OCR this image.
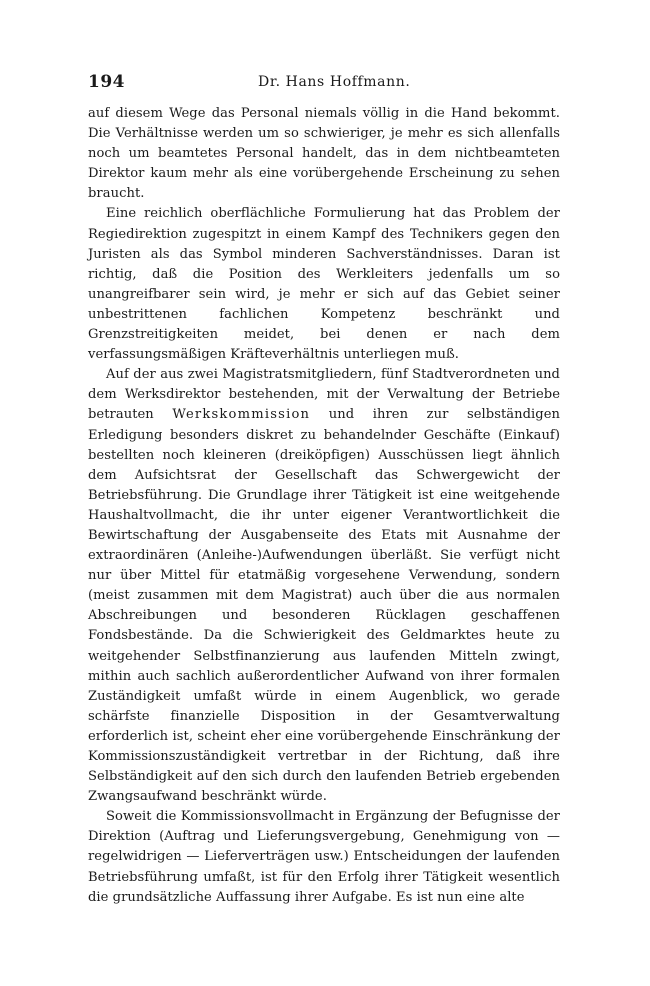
194	Dr. Hans Hoffmann.

auf diesem Wege das Personal niemals völlig in die Hand bekommt. Die Verhältnisse werden um so schwieriger, je mehr es sich allenfalls noch um beamtetes Personal handelt, das in dem nichtbeamteten Direktor kaum mehr als eine vorübergehende Erscheinung zu sehen braucht.

Eine reichlich oberflächliche Formulierung hat das Problem der Regiedirektion zugespitzt in einem Kampf des Technikers gegen den Juristen als das Symbol minderen Sachverständnisses. Daran ist richtig, daß die Position des Werkleiters jedenfalls um so unangreifbarer sein wird, je mehr er sich auf das Gebiet seiner unbestrittenen fachlichen Kompetenz beschränkt und Grenzstreitigkeiten meidet, bei denen er nach dem verfassungsmäßigen Kräfteverhältnis unterliegen muß.

Auf der aus zwei Magistratsmitgliedern, fünf Stadtverordneten und dem Werksdirektor bestehenden, mit der Verwaltung der Betriebe betrauten Werkskommission und ihren zur selbständigen Erledigung besonders diskret zu behandelnder Geschäfte (Einkauf) bestellten noch kleineren (dreiköpfigen) Ausschüssen liegt ähnlich dem Aufsichtsrat der Gesellschaft das Schwergewicht der Betriebsführung. Die Grundlage ihrer Tätigkeit ist eine weitgehende Haushaltvollmacht, die ihr unter eigener Verantwortlichkeit die Bewirtschaftung der Ausgabenseite des Etats mit Ausnahme der extraordinären (Anleihe-)Aufwendungen überläßt. Sie verfügt nicht nur über Mittel für etatmäßig vorgesehene Verwendung, sondern (meist zusammen mit dem Magistrat) auch über die aus normalen Abschreibungen und besonderen Rücklagen geschaffenen Fondsbestände. Da die Schwierigkeit des Geldmarktes heute zu weitgehender Selbstfinanzierung aus laufenden Mitteln zwingt, mithin auch sachlich außerordentlicher Aufwand von ihrer formalen Zuständigkeit umfaßt würde in einem Augenblick, wo gerade schärfste finanzielle Disposition in der Gesamtverwaltung erforderlich ist, scheint eher eine vorübergehende Einschränkung der Kommissionszuständigkeit vertretbar in der Richtung, daß ihre Selbständigkeit auf den sich durch den laufenden Betrieb ergebenden Zwangsaufwand beschränkt würde.

Soweit die Kommissionsvollmacht in Ergänzung der Befugnisse der Direktion (Auftrag und Lieferungsvergebung, Genehmigung von — regelwidrigen — Lieferverträgen usw.) Entscheidungen der laufenden Betriebsführung umfaßt, ist für den Erfolg ihrer Tätigkeit wesentlich die grundsätzliche Auffassung ihrer Aufgabe. Es ist nun eine alte
